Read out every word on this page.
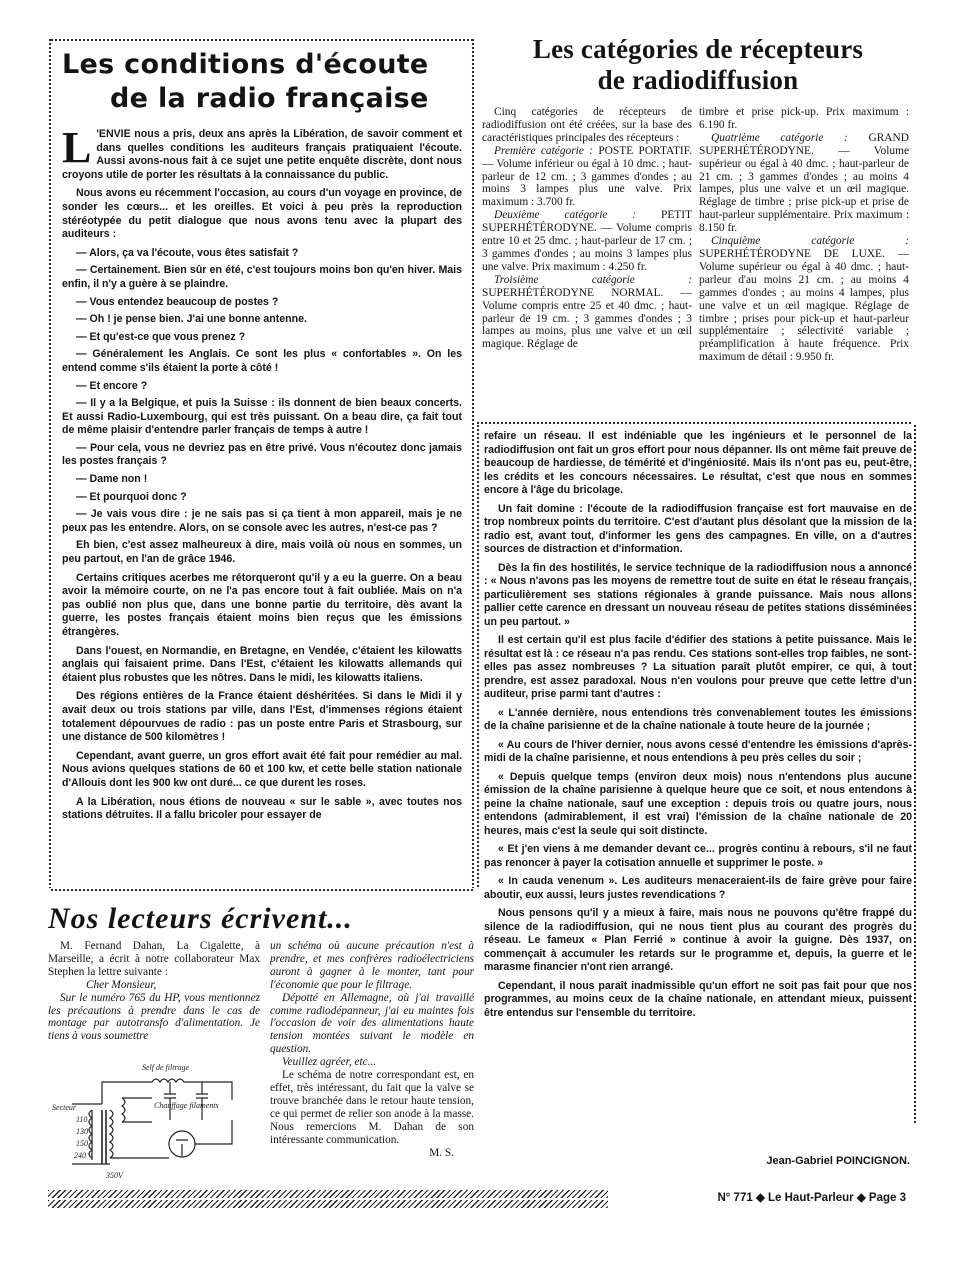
Les conditions d'écoute
de la radio française

L 'ENVIE nous a pris, deux ans après la Libération, de savoir comment et dans quelles conditions les auditeurs français pratiquaient l'écoute. Aussi avons-nous fait à ce sujet une petite enquête discrète, dont nous croyons utile de porter les résultats à la connaissance du public.

Nous avons eu récemment l'occasion, au cours d'un voyage en province, de sonder les cœurs... et les oreilles. Et voici à peu près la reproduction stéréotypée du petit dialogue que nous avons tenu avec la plupart des auditeurs :

— Alors, ça va l'écoute, vous êtes satisfait ?

— Certainement. Bien sûr en été, c'est toujours moins bon qu'en hiver. Mais enfin, il n'y a guère à se plaindre.

— Vous entendez beaucoup de postes ?

— Oh ! je pense bien. J'ai une bonne antenne.

— Et qu'est-ce que vous prenez ?

— Généralement les Anglais. Ce sont les plus « confortables ». On les entend comme s'ils étaient la porte à côté !

— Et encore ?

— Il y a la Belgique, et puis la Suisse : ils donnent de bien beaux concerts. Et aussi Radio-Luxembourg, qui est très puissant. On a beau dire, ça fait tout de même plaisir d'entendre parler français de temps à autre !

— Pour cela, vous ne devriez pas en être privé. Vous n'écoutez donc jamais les postes français ?

— Dame non !

— Et pourquoi donc ?

— Je vais vous dire : je ne sais pas si ça tient à mon appareil, mais je ne peux pas les entendre. Alors, on se console avec les autres, n'est-ce pas ?

Eh bien, c'est assez malheureux à dire, mais voilà où nous en sommes, un peu partout, en l'an de grâce 1946.

Certains critiques acerbes me rétorqueront qu'il y a eu la guerre. On a beau avoir la mémoire courte, on ne l'a pas encore tout à fait oubliée. Mais on n'a pas oublié non plus que, dans une bonne partie du territoire, dès avant la guerre, les postes français étaient moins bien reçus que les émissions étrangères.

Dans l'ouest, en Normandie, en Bretagne, en Vendée, c'étaient les kilowatts anglais qui faisaient prime. Dans l'Est, c'étaient les kilowatts allemands qui étaient plus robustes que les nôtres. Dans le midi, les kilowatts italiens.

Des régions entières de la France étaient déshéritées. Si dans le Midi il y avait deux ou trois stations par ville, dans l'Est, d'immenses régions étaient totalement dépourvues de radio : pas un poste entre Paris et Strasbourg, sur une distance de 500 kilomètres !

Cependant, avant guerre, un gros effort avait été fait pour remédier au mal. Nous avions quelques stations de 60 et 100 kw, et cette belle station nationale d'Allouis dont les 900 kw ont duré... ce que durent les roses.

A la Libération, nous étions de nouveau « sur le sable », avec toutes nos stations détruites. Il a fallu bricoler pour essayer de

Les catégories de récepteurs
de radiodiffusion

Cinq catégories de récepteurs de radiodiffusion ont été créées, sur la base des caractéristiques principales des récepteurs :

Première catégorie : POSTE PORTATIF. — Volume inférieur ou égal à 10 dmc. ; haut-parleur de 12 cm. ; 3 gammes d'ondes ; au moins 3 lampes plus une valve. Prix maximum : 3.700 fr.

Deuxième catégorie : PETIT SUPERHÉTÉRODYNE. — Volume compris entre 10 et 25 dmc. ; haut-parleur de 17 cm. ; 3 gammes d'ondes ; au moins 3 lampes plus une valve. Prix maximum : 4.250 fr.

Troisième catégorie : SUPERHÉTÉRODYNE NORMAL. — Volume compris entre 25 et 40 dmc. ; haut-parleur de 19 cm. ; 3 gammes d'ondes ; 3 lampes au moins, plus une valve et un œil magique. Réglage de

timbre et prise pick-up. Prix maximum : 6.190 fr.

Quatrième catégorie : GRAND SUPERHÉTÉRODYNE. — Volume supérieur ou égal à 40 dmc. ; haut-parleur de 21 cm. ; 3 gammes d'ondes ; au moins 4 lampes, plus une valve et un œil magique. Réglage de timbre ; prise pick-up et prise de haut-parleur supplémentaire. Prix maximum : 8.150 fr.

Cinquième catégorie : SUPERHÉTÉRODYNE DE LUXE. — Volume supérieur ou égal à 40 dmc. ; haut-parleur d'au moins 21 cm. ; au moins 4 gammes d'ondes ; au moins 4 lampes, plus une valve et un œil magique. Réglage de timbre ; prises pour pick-up et haut-parleur supplémentaire ; sélectivité variable ; préamplification à haute fréquence. Prix maximum de détail : 9.950 fr.

refaire un réseau. Il est indéniable que les ingénieurs et le personnel de la radiodiffusion ont fait un gros effort pour nous dépanner. Ils ont même fait preuve de beaucoup de hardiesse, de témérité et d'ingéniosité. Mais ils n'ont pas eu, peut-être, les crédits et les concours nécessaires. Le résultat, c'est que nous en sommes encore à l'âge du bricolage.

Un fait domine : l'écoute de la radiodiffusion française est fort mauvaise en de trop nombreux points du territoire. C'est d'autant plus désolant que la mission de la radio est, avant tout, d'informer les gens des campagnes. En ville, on a d'autres sources de distraction et d'information.

Dès la fin des hostilités, le service technique de la radiodiffusion nous a annoncé : « Nous n'avons pas les moyens de remettre tout de suite en état le réseau français, particulièrement ses stations régionales à grande puissance. Mais nous allons pallier cette carence en dressant un nouveau réseau de petites stations disséminées un peu partout. »

Il est certain qu'il est plus facile d'édifier des stations à petite puissance. Mais le résultat est là : ce réseau n'a pas rendu. Ces stations sont-elles trop faibles, ne sont-elles pas assez nombreuses ? La situation paraît plutôt empirer, ce qui, à tout prendre, est assez paradoxal. Nous n'en voulons pour preuve que cette lettre d'un auditeur, prise parmi tant d'autres :

« L'année dernière, nous entendions très convenablement toutes les émissions de la chaîne parisienne et de la chaîne nationale à toute heure de la journée ;

« Au cours de l'hiver dernier, nous avons cessé d'entendre les émissions d'après-midi de la chaîne parisienne, et nous entendions à peu près celles du soir ;

« Depuis quelque temps (environ deux mois) nous n'entendons plus aucune émission de la chaîne parisienne à quelque heure que ce soit, et nous entendons à peine la chaîne nationale, sauf une exception : depuis trois ou quatre jours, nous entendons (admirablement, il est vrai) l'émission de la chaîne nationale de 20 heures, mais c'est la seule qui soit distincte.

« Et j'en viens à me demander devant ce... progrès continu à rebours, s'il ne faut pas renoncer à payer la cotisation annuelle et supprimer le poste. »

« In cauda venenum ». Les auditeurs menaceraient-ils de faire grève pour faire aboutir, eux aussi, leurs justes revendications ?

Nous pensons qu'il y a mieux à faire, mais nous ne pouvons qu'être frappé du silence de la radiodiffusion, qui ne nous tient plus au courant des progrès du réseau. Le fameux « Plan Ferrié » continue à avoir la guigne. Dès 1937, on commençait à accumuler les retards sur le programme et, depuis, la guerre et le marasme financier n'ont rien arrangé.

Cependant, il nous paraît inadmissible qu'un effort ne soit pas fait pour que nos programmes, au moins ceux de la chaîne nationale, en attendant mieux, puissent être entendus sur l'ensemble du territoire.

Jean-Gabriel POINCIGNON.
Nos lecteurs écrivent...

M. Fernand Dahan, La Cigalette, à Marseille, a écrit à notre collaborateur Max Stephen la lettre suivante :

Cher Monsieur,

Sur le numéro 765 du HP, vous mentionnez les précautions à prendre dans le cas de montage par autotransfo d'alimentation. Je tiens à vous soumettre

un schéma où aucune précaution n'est à prendre, et mes confrères radioélectriciens auront à gagner à le monter, tant pour l'économie que pour le filtrage.

Dépotté en Allemagne, où j'ai travaillé comme radiodépanneur, j'ai eu maintes fois l'occasion de voir des alimentations haute tension montées suivant le modèle en question.

Veuillez agréer, etc...

Le schéma de notre correspondant est, en effet, très intéressant, du fait que la valve se trouve branchée dans le retour haute tension, ce qui permet de relier son anode à la masse. Nous remercions M. Dahan de son intéressante communication.

M. S.

Self de filtrage
Secteur	Chauffage filaments
110
130
150
240
350V
N° 771 ◆ Le Haut-Parleur ◆ Page 3
